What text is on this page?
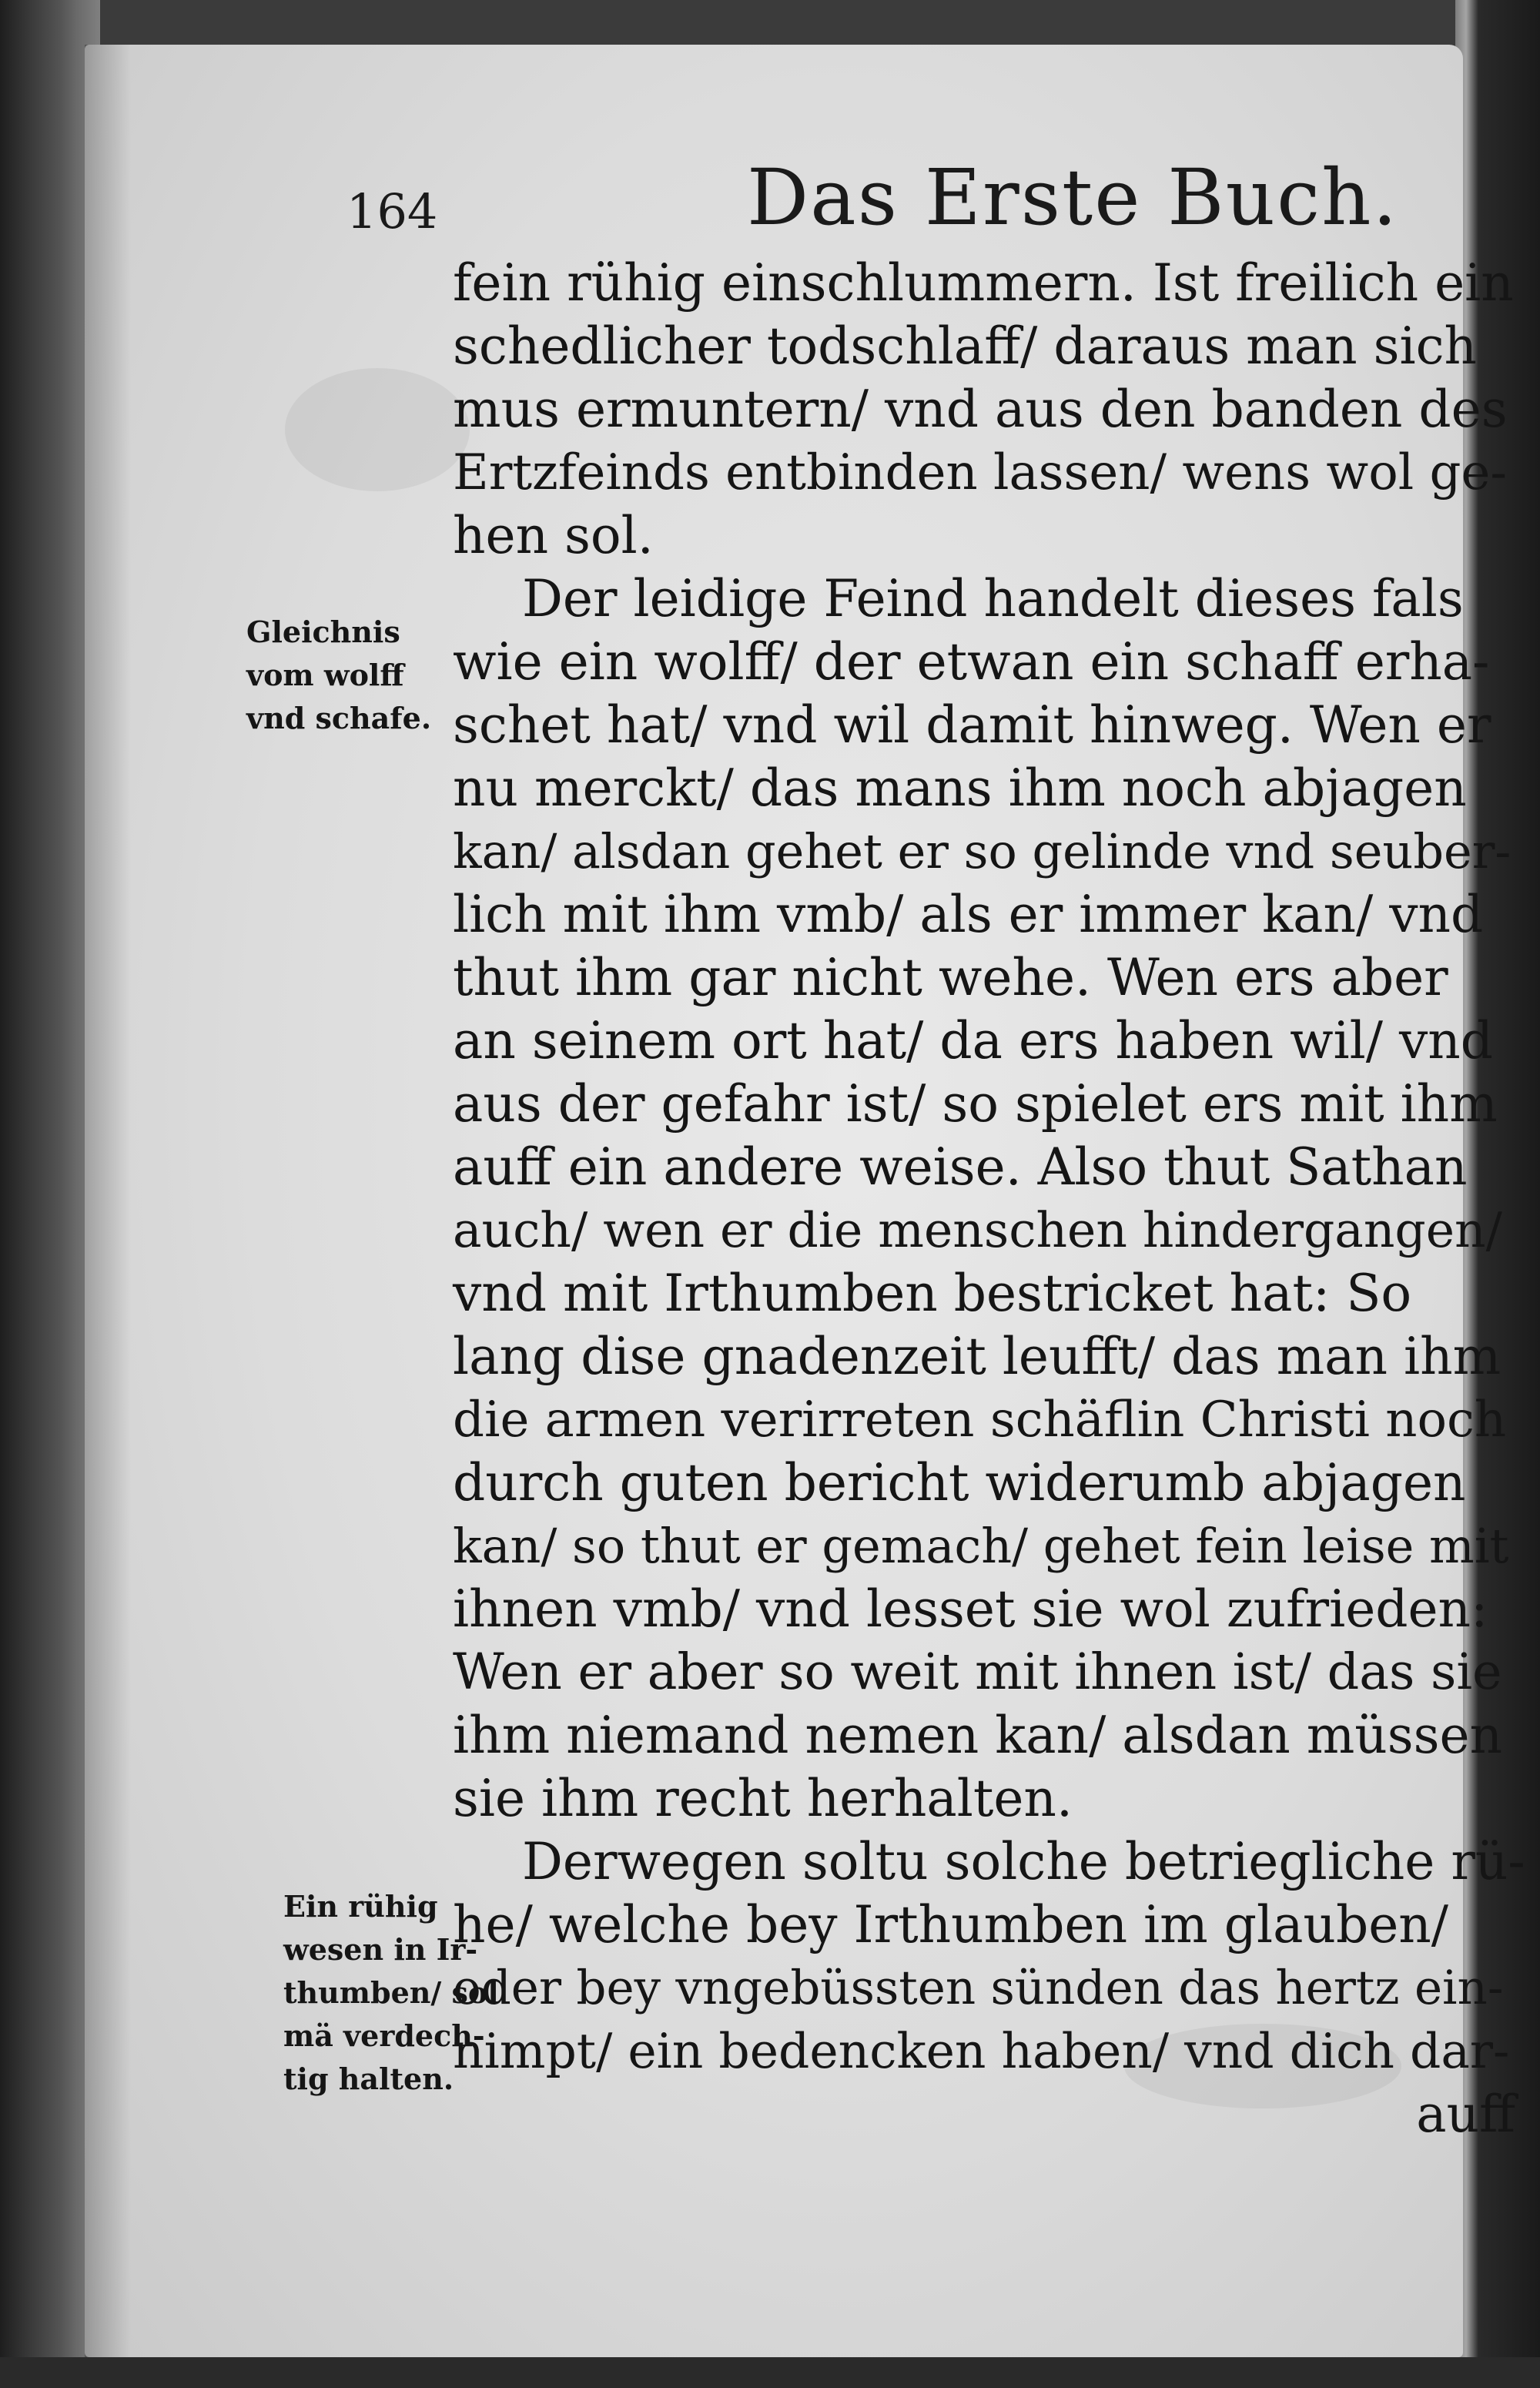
164	Das Erste Buch.
Gleichnis
vom wolff
vnd schafe.
Ein rühig
wesen in Ir-
thumben/ sol
mä verdech-
tig halten.
fein rühig einschlummern. Ist freilich ein
schedlicher todschlaff/ daraus man sich
mus ermuntern/ vnd aus den banden des
Ertzfeinds entbinden lassen/ wens wol ge-
hen sol.
Der leidige Feind handelt dieses fals
wie ein wolff/ der etwan ein schaff erha-
schet hat/ vnd wil damit hinweg. Wen er
nu merckt/ das mans ihm noch abjagen
kan/ alsdan gehet er so gelinde vnd seuber-
lich mit ihm vmb/ als er immer kan/ vnd
thut ihm gar nicht wehe. Wen ers aber
an seinem ort hat/ da ers haben wil/ vnd
aus der gefahr ist/ so spielet ers mit ihm
auff ein andere weise. Also thut Sathan
auch/ wen er die menschen hindergangen/
vnd mit Irthumben bestricket hat: So
lang dise gnadenzeit leufft/ das man ihm
die armen verirreten schäflin Christi noch
durch guten bericht widerumb abjagen
kan/ so thut er gemach/ gehet fein leise mit
ihnen vmb/ vnd lesset sie wol zufrieden:
Wen er aber so weit mit ihnen ist/ das sie
ihm niemand nemen kan/ alsdan müssen
sie ihm recht herhalten.
Derwegen soltu solche betriegliche rü-
he/ welche bey Irthumben im glauben/
oder bey vngebüssten sünden das hertz ein-
nimpt/ ein bedencken haben/ vnd dich dar-
auff
